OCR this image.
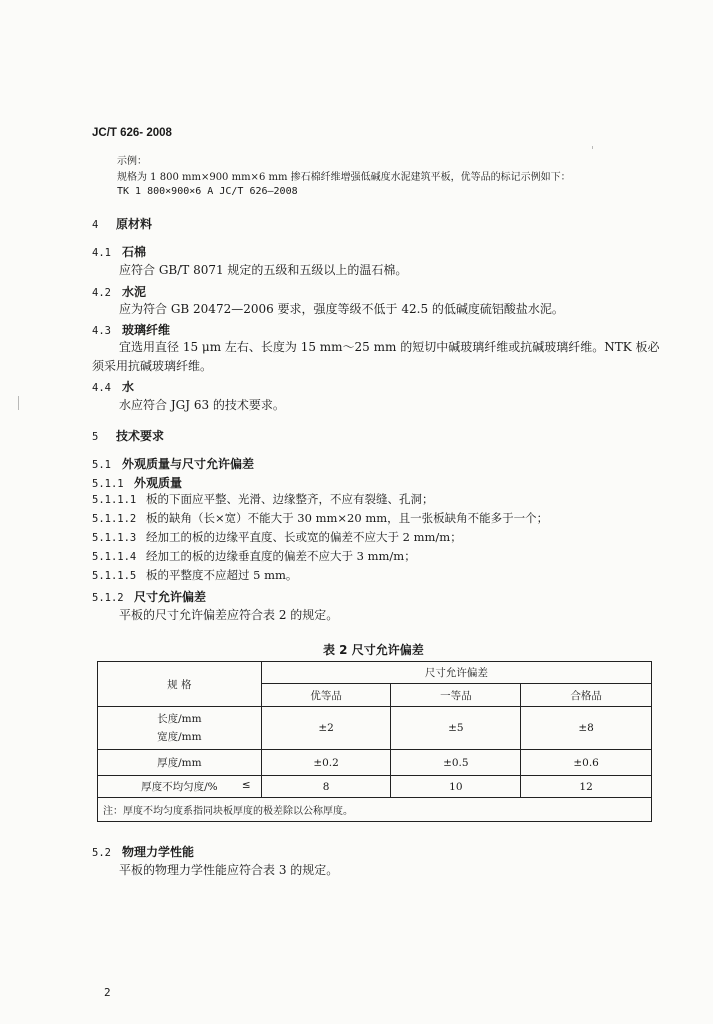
JC/T 626- 2008
示例：
规格为 1 800 mm×900 mm×6 mm 掺石棉纤维增强低碱度水泥建筑平板，优等品的标记示例如下：
TK 1 800×900×6 A JC/T 626—2008
4 原材料
4.1 石棉
应符合 GB/T 8071 规定的五级和五级以上的温石棉。
4.2 水泥
应为符合 GB 20472—2006 要求，强度等级不低于 42.5 的低碱度硫铝酸盐水泥。
4.3 玻璃纤维
宜选用直径 15 μm 左右、长度为 15 mm～25 mm 的短切中碱玻璃纤维或抗碱玻璃纤维。NTK 板必
须采用抗碱玻璃纤维。
4.4 水
水应符合 JGJ 63 的技术要求。
5 技术要求
5.1 外观质量与尺寸允许偏差
5.1.1 外观质量
5.1.1.1 板的下面应平整、光滑、边缘整齐，不应有裂缝、孔洞；
5.1.1.2 板的缺角（长×宽）不能大于 30 mm×20 mm，且一张板缺角不能多于一个；
5.1.1.3 经加工的板的边缘平直度、长或宽的偏差不应大于 2 mm/m；
5.1.1.4 经加工的板的边缘垂直度的偏差不应大于 3 mm/m；
5.1.1.5 板的平整度不应超过 5 mm。
5.1.2 尺寸允许偏差
平板的尺寸允许偏差应符合表 2 的规定。
表 2 尺寸允许偏差
规 格	尺寸允许偏差		
	优等品	一等品	合格品

长度/mm
宽度/mm	±2	±5	±8
厚度/mm	±0.2	±0.5	±0.6
厚度不均匀度/% ≤	8	10	12
注：厚度不均匀度系指同块板厚度的极差除以公称厚度。			
5.2 物理力学性能
平板的物理力学性能应符合表 3 的规定。
2
